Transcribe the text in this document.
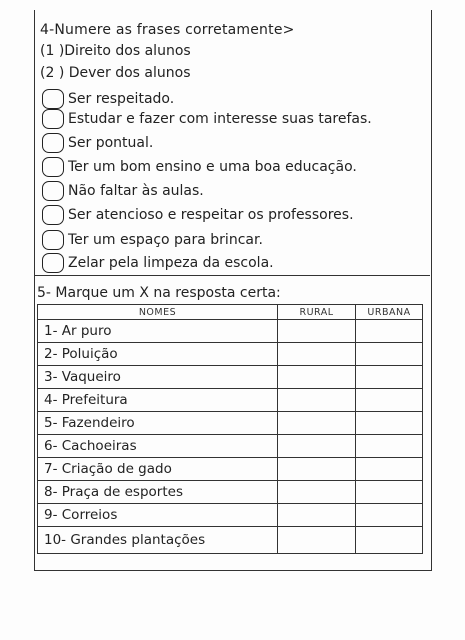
4-Numere as frases corretamente>
(1 )Direito dos alunos
(2 ) Dever dos alunos
Ser respeitado.
Estudar e fazer com interesse suas tarefas.
Ser pontual.
Ter um bom ensino e uma boa educação.
Não faltar às aulas.
Ser atencioso e respeitar os professores.
Ter um espaço para brincar.
Zelar pela limpeza da escola.
5- Marque um X na resposta certa:
NOMES	RURAL	URBANA
1- Ar puro		
2- Poluição		
3- Vaqueiro		
4- Prefeitura		
5- Fazendeiro		
6- Cachoeiras		
7- Criação de gado		
8- Praça de esportes		
9- Correios		
10- Grandes plantações		
